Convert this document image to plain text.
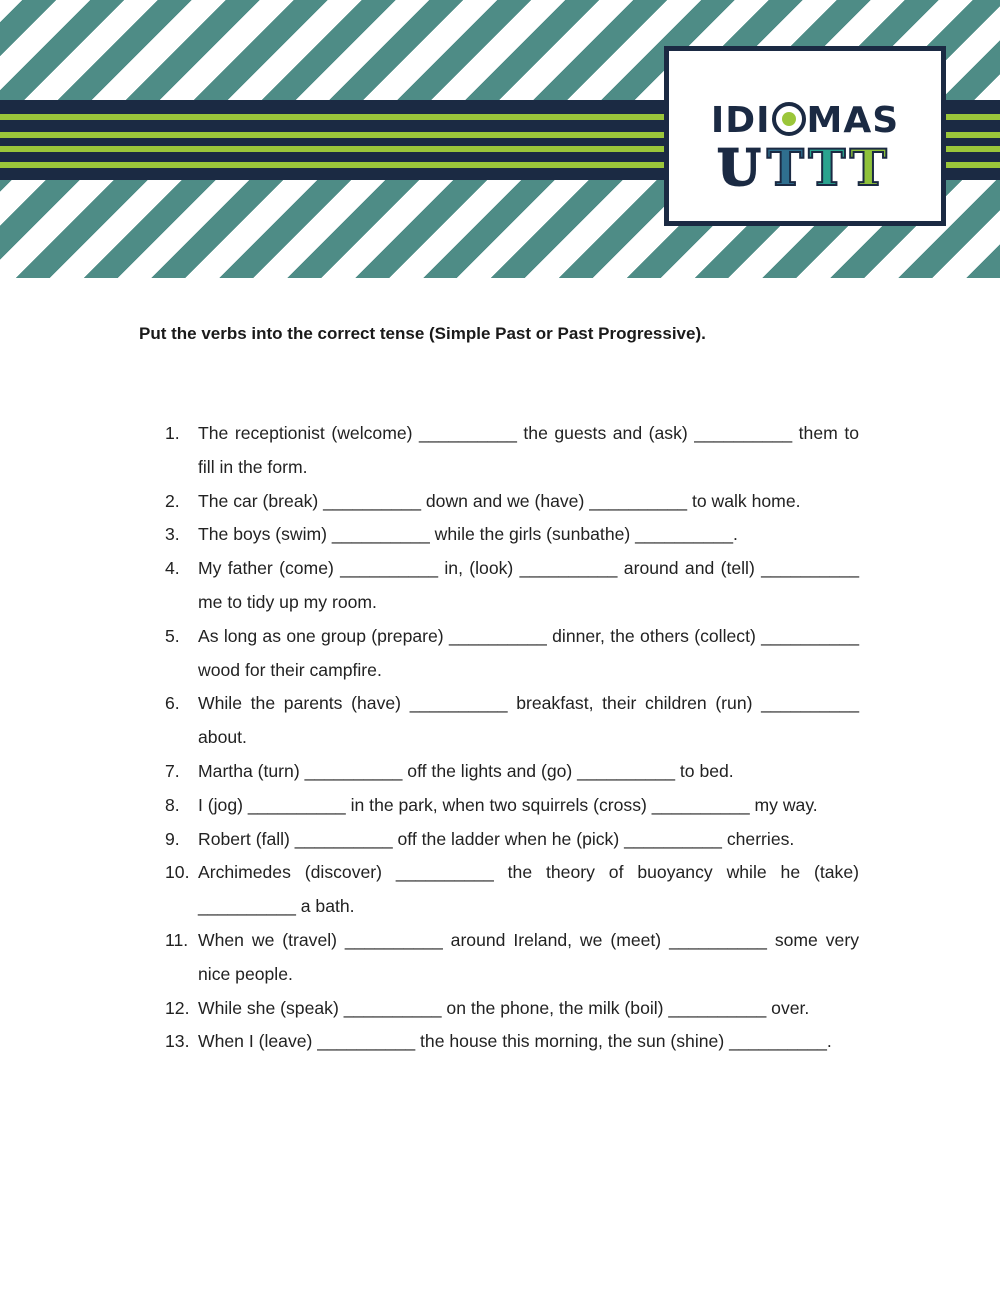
IDI MAS
UTTT

Put the verbs into the correct tense (Simple Past or Past Progressive).

1.	The receptionist (welcome) __________ the guests and (ask) __________ them to fill in the form.
2.	The car (break) __________ down and we (have) __________ to walk home.
3.	The boys (swim) __________ while the girls (sunbathe) __________.
4.	My father (come) __________ in, (look) __________ around and (tell) __________ me to tidy up my room.
5.	As long as one group (prepare) __________ dinner, the others (collect) __________ wood for their campfire.
6.	While the parents (have) __________ breakfast, their children (run) __________ about.
7.	Martha (turn) __________ off the lights and (go) __________ to bed.
8.	I (jog) __________ in the park, when two squirrels (cross) __________ my way.
9.	Robert (fall) __________ off the ladder when he (pick) __________ cherries.
10. Archimedes (discover) __________ the theory of buoyancy while he (take) __________ a bath.
11. When we (travel) __________ around Ireland, we (meet) __________ some very nice people.
12. While she (speak) __________ on the phone, the milk (boil) __________ over.
13. When I (leave) __________ the house this morning, the sun (shine) __________.
